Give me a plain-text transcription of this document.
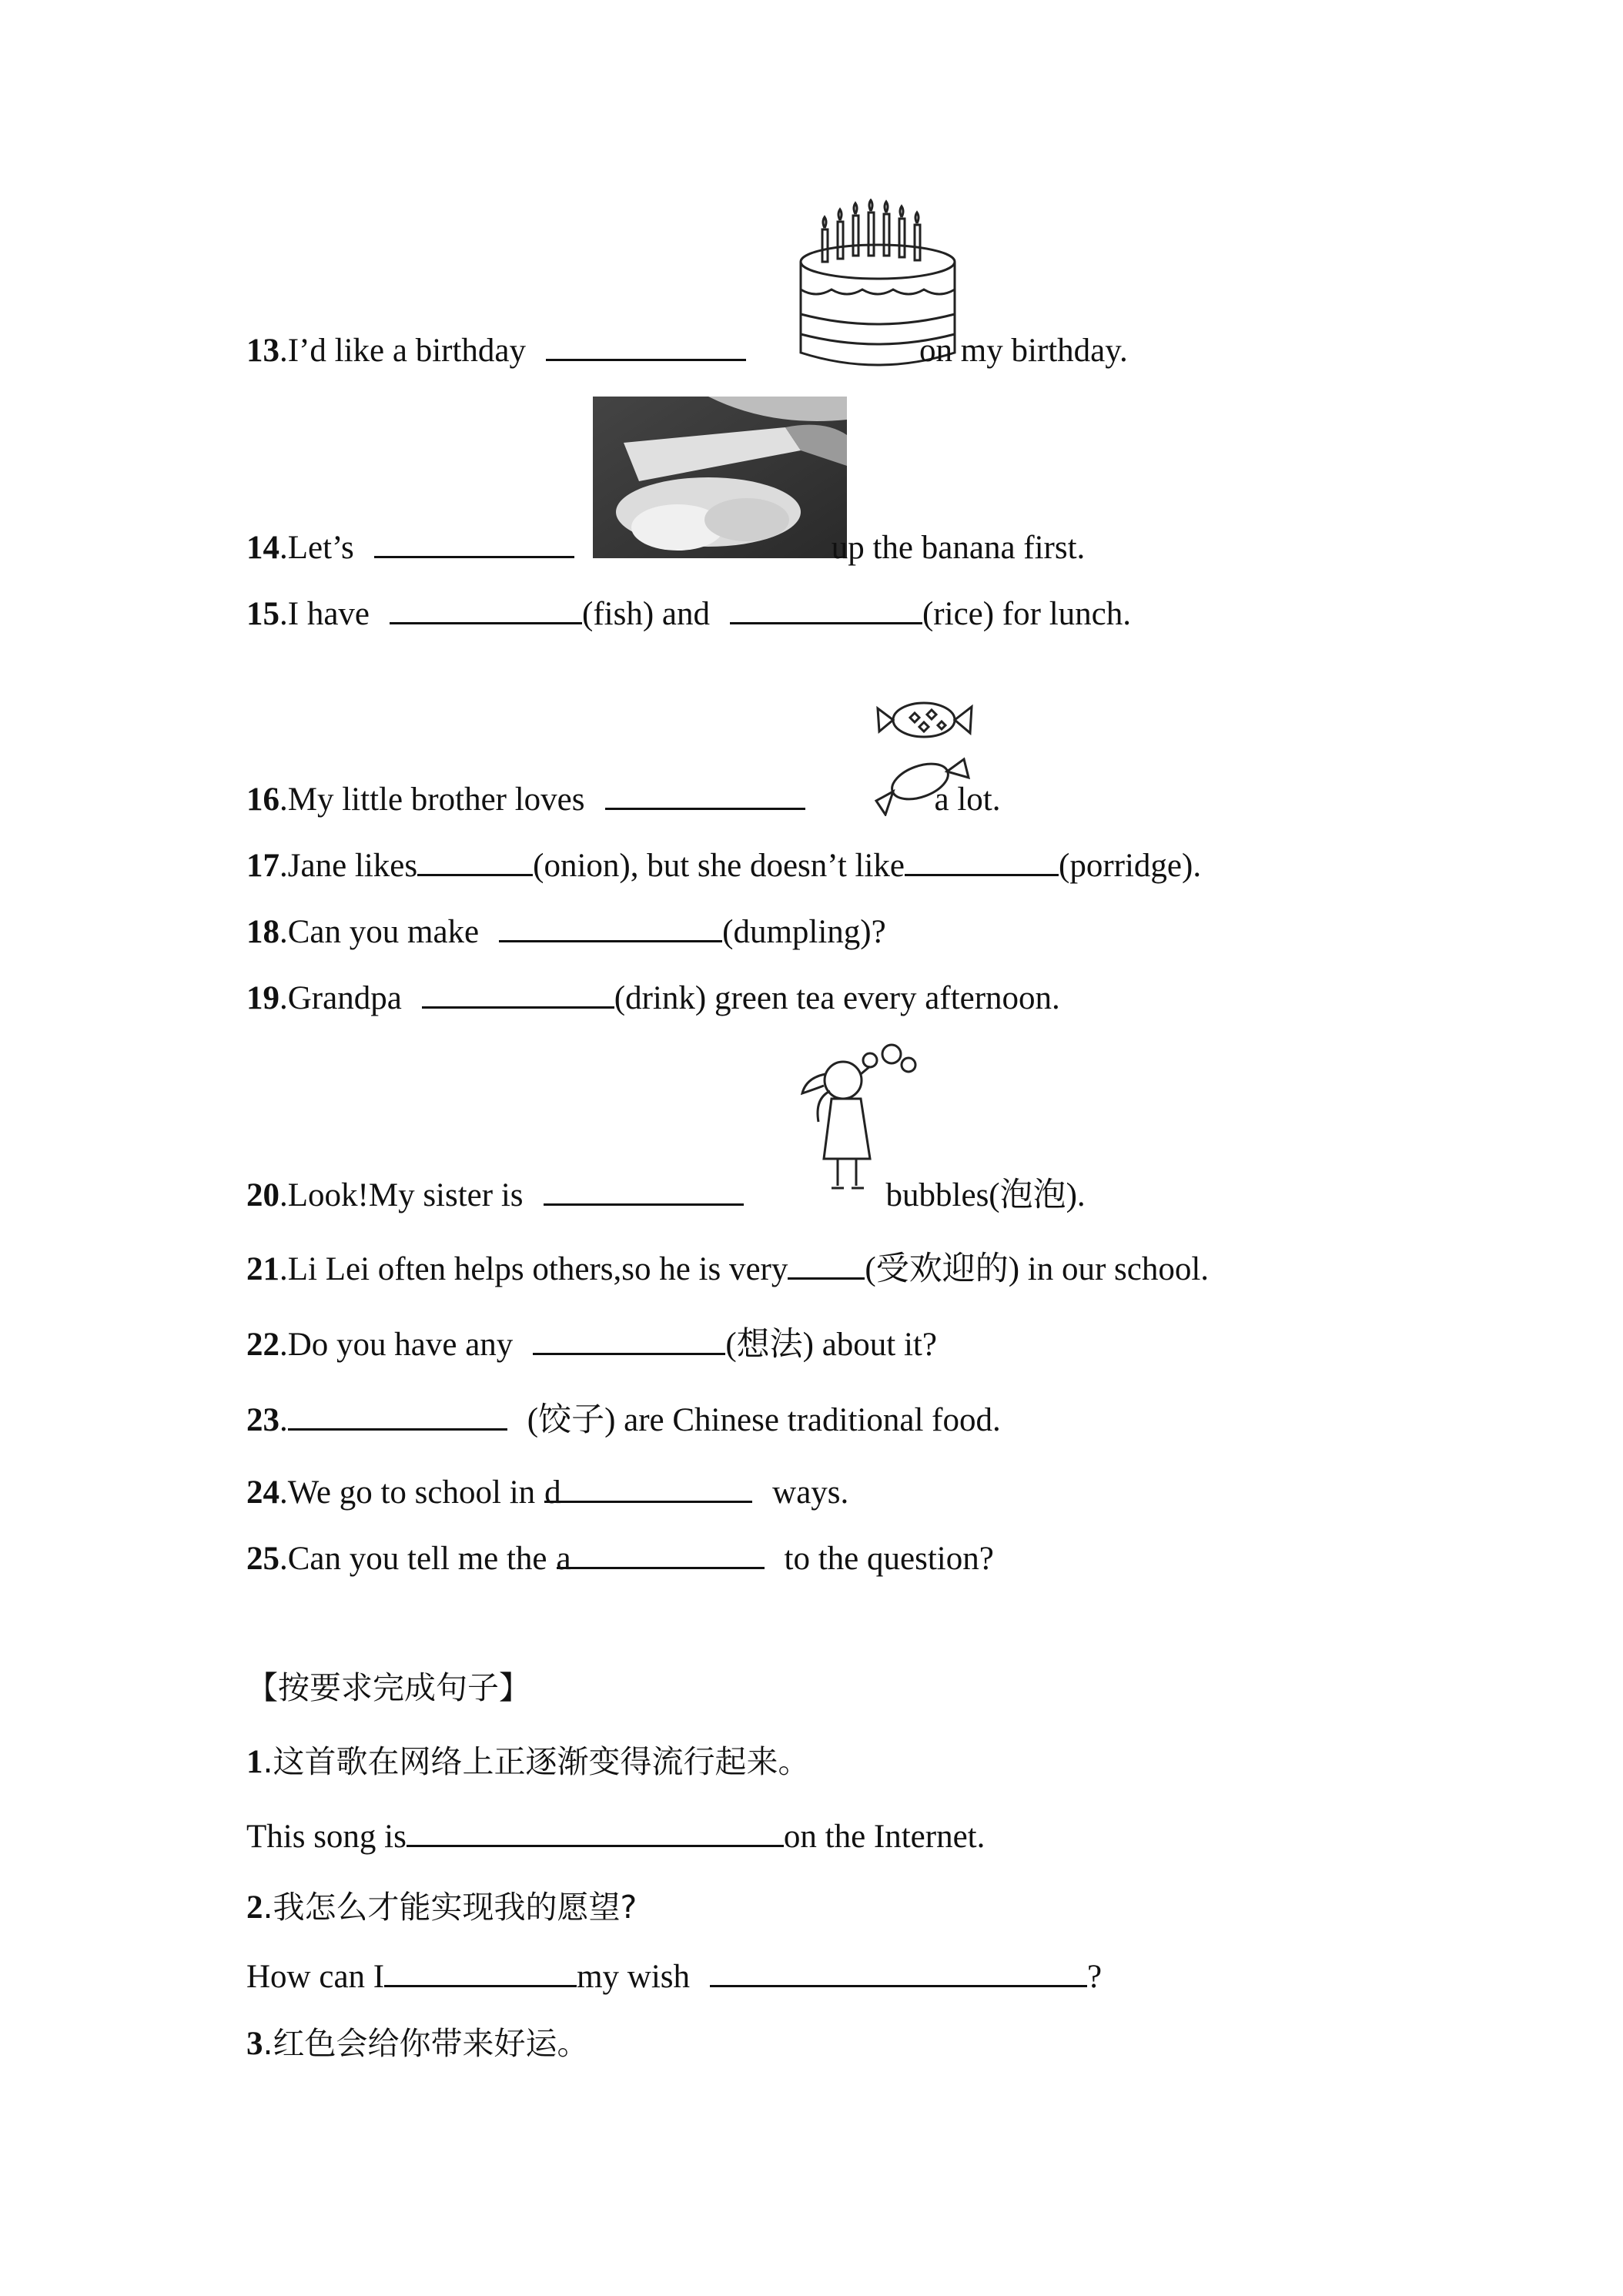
13.I’d like a birthday	on my birthday.
14.Let’s	up the banana first.
15.I have	(fish) and	(rice) for lunch.
16.My little brother loves	a lot.
17.Jane likes	(onion), but she doesn’t like	(porridge).
18.Can you make	(dumpling)?
19.Grandpa	(drink) green tea every afternoon.
20.Look!My sister is	bubbles(泡泡).
21.Li Lei often helps others,so he is very (受欢迎的) in our school.
22.Do you have any	(想法) about it?
23.	(饺子) are Chinese traditional food.
24.We go to school in d	ways.
25.Can you tell me the a	to the question?
【按要求完成句子】
1.这首歌在网络上正逐渐变得流行起来。
This song is	on the Internet.
2.我怎么才能实现我的愿望?
How can I	my wish	?
3.红色会给你带来好运。
